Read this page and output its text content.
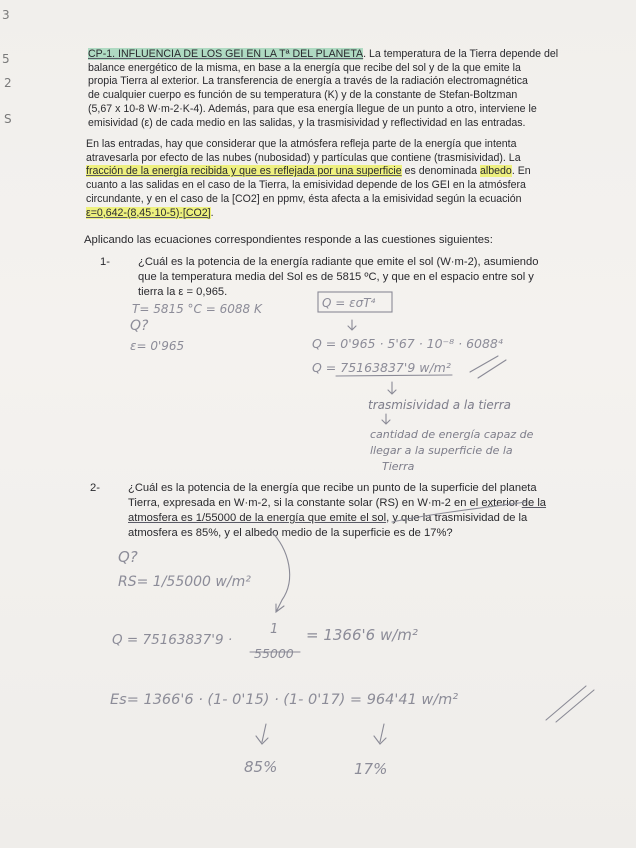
3
5
2
S

CP-1. INFLUENCIA DE LOS GEI EN LA Tª DEL PLANETA. La temperatura de la Tierra depende del

balance energético de la misma, en base a la energía que recibe del sol y de la que emite la

propia Tierra al exterior. La transferencia de energía a través de la radiación electromagnética

de cualquier cuerpo es función de su temperatura (K) y de la constante de Stefan-Boltzman

(5,67 x 10-8 W·m-2·K-4). Además, para que esa energía llegue de un punto a otro, interviene le

emisividad (ε) de cada medio en las salidas, y la trasmisividad y reflectividad en las entradas.

En las entradas, hay que considerar que la atmósfera refleja parte de la energía que intenta

atravesarla por efecto de las nubes (nubosidad) y partículas que contiene (trasmisividad). La

fracción de la energía recibida y que es reflejada por una superficie es denominada albedo. En

cuanto a las salidas en el caso de la Tierra, la emisividad depende de los GEI en la atmósfera

circundante, y en el caso de la [CO2] en ppmv, ésta afecta a la emisividad según la ecuación

ε=0,642-(8,45·10-5)·[CO2].

Aplicando las ecuaciones correspondientes responde a las cuestiones siguientes:
1-	¿Cuál es la potencia de la energía radiante que emite el sol (W·m-2), asumiendo
que la temperatura media del Sol es de 5815 ºC, y que en el espacio entre sol y
tierra la ε = 0,965.
T= 5815 °C = 6088 K
Q?
ε= 0'965
Q = εσT⁴
Q = 0'965 · 5'67 · 10⁻⁸ · 6088⁴
Q = 75163837'9 w/m²
trasmisividad a la tierra
cantidad de energía capaz de
llegar a la superficie de la
Tierra
2-	¿Cuál es la potencia de la energía que recibe un punto de la superficie del planeta
Tierra, expresada en W·m-2, si la constante solar (RS) en W·m-2 en el exterior de la
atmosfera es 1/55000 de la energía que emite el sol, y que la trasmisividad de la
atmosfera es 85%, y el albedo medio de la superficie es de 17%?
Q?
RS= 1/55000 w/m²
Q = 75163837'9 ·
1
55000
= 1366'6 w/m²
Es= 1366'6 · (1- 0'15) · (1- 0'17) = 964'41 w/m²
85%	17%
